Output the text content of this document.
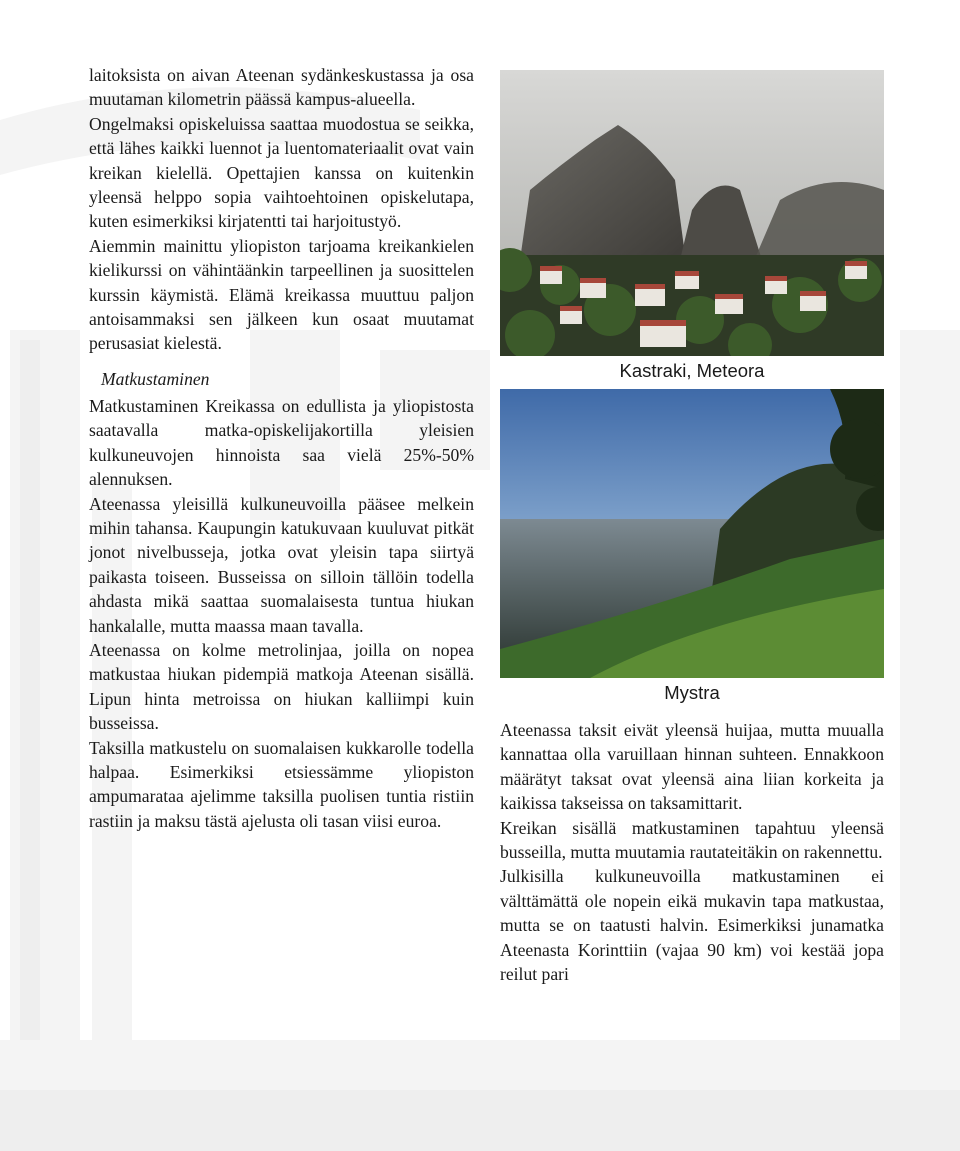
laitoksista on aivan Ateenan sydänkeskustassa ja osa muutaman kilometrin päässä kampus-alueella.

Ongelmaksi opiskeluissa saattaa muodostua se seikka, että lähes kaikki luennot ja luentomateriaalit ovat vain kreikan kielellä. Opettajien kanssa on kuitenkin yleensä helppo sopia vaihtoehtoinen opiskelutapa, kuten esimerkiksi kirjatentti tai harjoitustyö.

Aiemmin mainittu yliopiston tarjoama kreikankielen kielikurssi on vähintäänkin tarpeellinen ja suosittelen kurssin käymistä. Elämä kreikassa muuttuu paljon antoisammaksi sen jälkeen kun osaat muutamat perusasiat kielestä.

Matkustaminen

Matkustaminen Kreikassa on edullista ja yliopistosta saatavalla matka-opiskelijakortilla yleisien kulkuneuvojen hinnoista saa vielä 25%-50% alennuksen.

Ateenassa yleisillä kulkuneuvoilla pääsee melkein mihin tahansa. Kaupungin katukuvaan kuuluvat pitkät jonot nivelbusseja, jotka ovat yleisin tapa siirtyä paikasta toiseen. Busseissa on silloin tällöin todella ahdasta mikä saattaa suomalaisesta tuntua hiukan hankalalle, mutta maassa maan tavalla.

Ateenassa on kolme metrolinjaa, joilla on nopea matkustaa hiukan pidempiä matkoja Ateenan sisällä. Lipun hinta metroissa on hiukan kalliimpi kuin busseissa.

Taksilla matkustelu on suomalaisen kukkarolle todella halpaa. Esimerkiksi etsiessämme yliopiston ampumarataa ajelimme taksilla puolisen tuntia ristiin rastiin ja maksu tästä ajelusta oli tasan viisi euroa.

Kastraki, Meteora
Mystra

Ateenassa taksit eivät yleensä huijaa, mutta muualla kannattaa olla varuillaan hinnan suhteen. Ennakkoon määrätyt taksat ovat yleensä aina liian korkeita ja kaikissa takseissa on taksamittarit.

Kreikan sisällä matkustaminen tapahtuu yleensä busseilla, mutta muutamia rautateitäkin on rakennettu.

Julkisilla kulkuneuvoilla matkustaminen ei välttämättä ole nopein eikä mukavin tapa matkustaa, mutta se on taatusti halvin. Esimerkiksi junamatka Ateenasta Korinttiin (vajaa 90 km) voi kestää jopa reilut pari
